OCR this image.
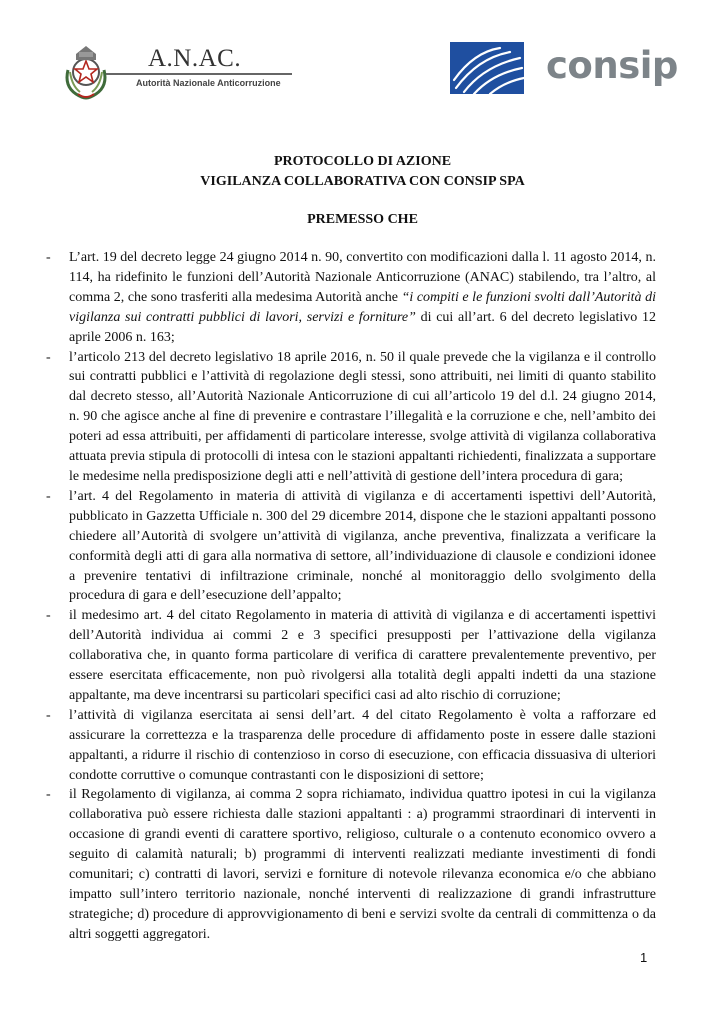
A.N.AC.
Autorità Nazionale Anticorruzione	consip
PROTOCOLLO DI AZIONE
VIGILANZA COLLABORATIVA CON CONSIP SPA
PREMESSO CHE
- L’art. 19 del decreto legge 24 giugno 2014 n. 90, convertito con modificazioni dalla l. 11 agosto 2014, n. 114, ha ridefinito le funzioni dell’Autorità Nazionale Anticorruzione (ANAC) stabilendo, tra l’altro, al comma 2, che sono trasferiti alla medesima Autorità anche “i compiti e le funzioni svolti dall’Autorità di vigilanza sui contratti pubblici di lavori, servizi e forniture” di cui all’art. 6 del decreto legislativo 12 aprile 2006 n. 163;
- l’articolo 213 del decreto legislativo 18 aprile 2016, n. 50 il quale prevede che la vigilanza e il controllo sui contratti pubblici e l’attività di regolazione degli stessi, sono attribuiti, nei limiti di quanto stabilito dal decreto stesso, all’Autorità Nazionale Anticorruzione di cui all’articolo 19 del d.l. 24 giugno 2014, n. 90 che agisce anche al fine di prevenire e contrastare l’illegalità e la corruzione e che, nell’ambito dei poteri ad essa attribuiti, per affidamenti di particolare interesse, svolge attività di vigilanza collaborativa attuata previa stipula di protocolli di intesa con le stazioni appaltanti richiedenti, finalizzata a supportare le medesime nella predisposizione degli atti e nell’attività di gestione dell’intera procedura di gara;
- l’art. 4 del Regolamento in materia di attività di vigilanza e di accertamenti ispettivi dell’Autorità, pubblicato in Gazzetta Ufficiale n. 300 del 29 dicembre 2014, dispone che le stazioni appaltanti possono chiedere all’Autorità di svolgere un’attività di vigilanza, anche preventiva, finalizzata a verificare la conformità degli atti di gara alla normativa di settore, all’individuazione di clausole e condizioni idonee a prevenire tentativi di infiltrazione criminale, nonché al monitoraggio dello svolgimento della procedura di gara e dell’esecuzione dell’appalto;
- il medesimo art. 4 del citato Regolamento in materia di attività di vigilanza e di accertamenti ispettivi dell’Autorità individua ai commi 2 e 3 specifici presupposti per l’attivazione della vigilanza collaborativa che, in quanto forma particolare di verifica di carattere prevalentemente preventivo, per essere esercitata efficacemente, non può rivolgersi alla totalità degli appalti indetti da una stazione appaltante, ma deve incentrarsi su particolari specifici casi ad alto rischio di corruzione;
- l’attività di vigilanza esercitata ai sensi dell’art. 4 del citato Regolamento è volta a rafforzare ed assicurare la correttezza e la trasparenza delle procedure di affidamento poste in essere dalle stazioni appaltanti, a ridurre il rischio di contenzioso in corso di esecuzione, con efficacia dissuasiva di ulteriori condotte corruttive o comunque contrastanti con le disposizioni di settore;
- il Regolamento di vigilanza, ai comma 2 sopra richiamato, individua quattro ipotesi in cui la vigilanza collaborativa può essere richiesta dalle stazioni appaltanti : a) programmi straordinari di interventi in occasione di grandi eventi di carattere sportivo, religioso, culturale o a contenuto economico ovvero a seguito di calamità naturali; b) programmi di interventi realizzati mediante investimenti di fondi comunitari; c) contratti di lavori, servizi e forniture di notevole rilevanza economica e/o che abbiano impatto sull’intero territorio nazionale, nonché interventi di realizzazione di grandi infrastrutture strategiche; d) procedure di approvvigionamento di beni e servizi svolte da centrali di committenza o da altri soggetti aggregatori.
1
